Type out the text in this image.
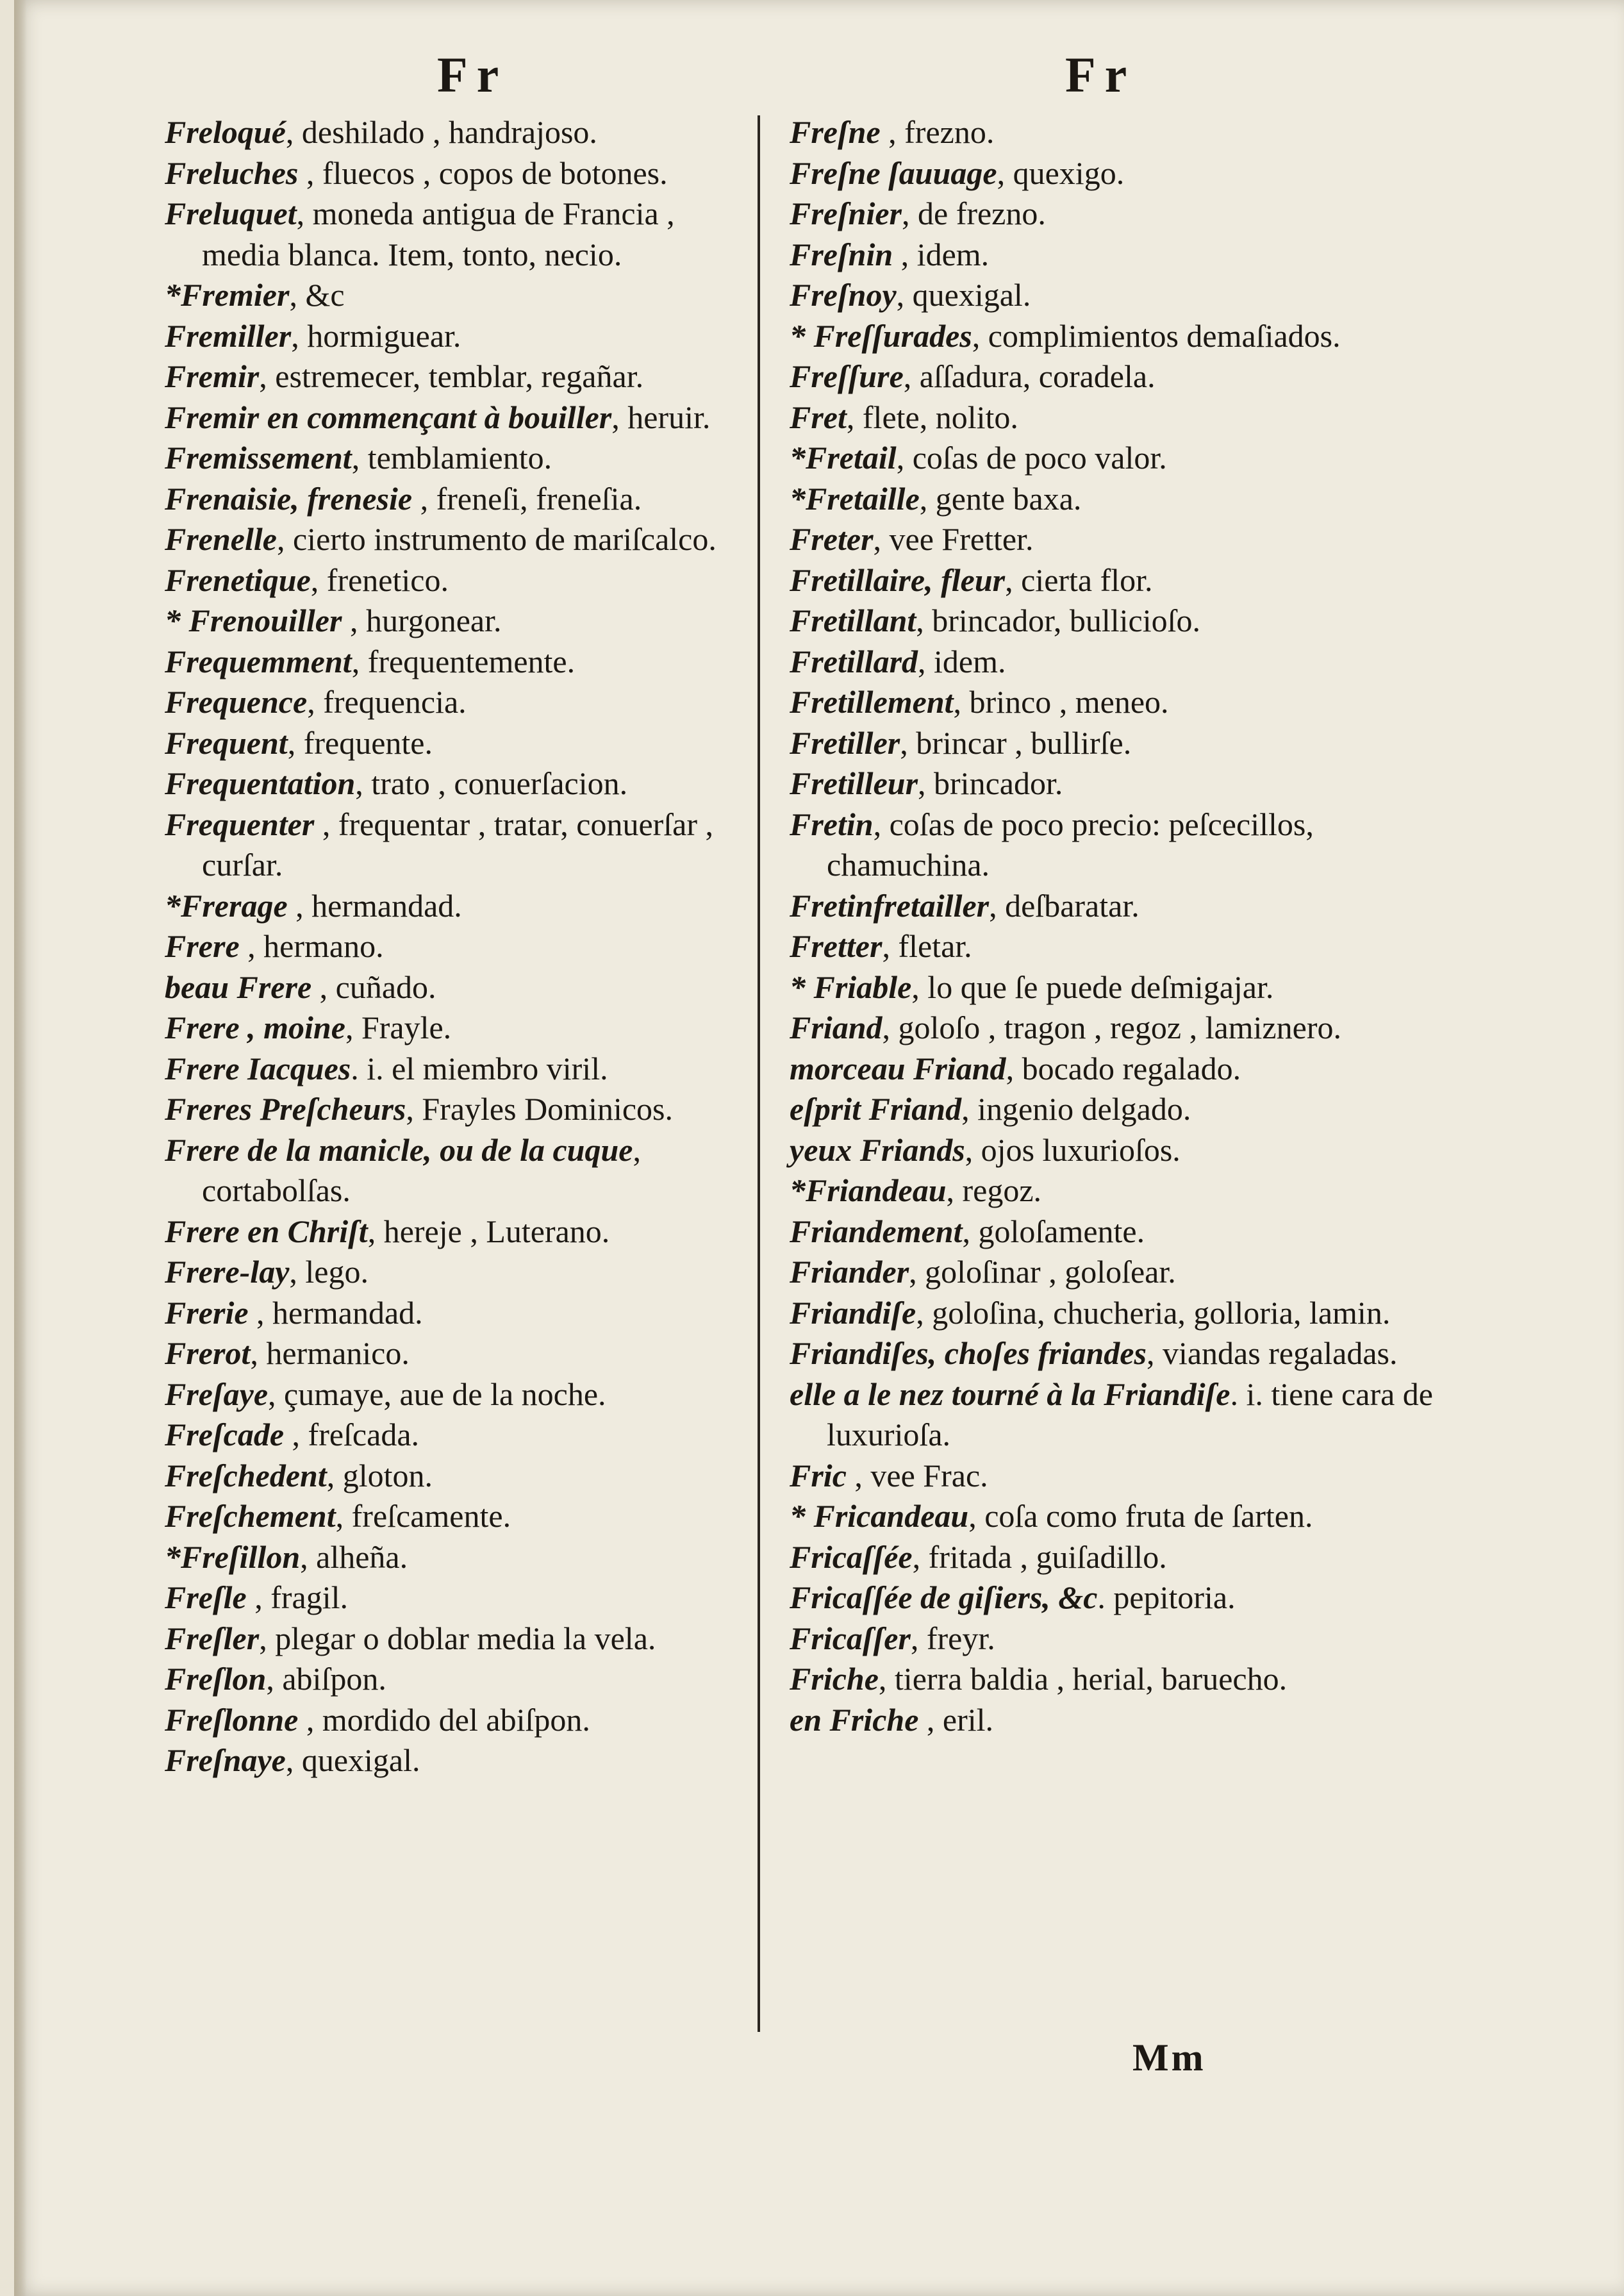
Fr	Fr
Freloqué, deshilado , handrajoso.
Freluches , fluecos , copos de botones.
Freluquet, moneda antigua de Francia , media blanca. Item, tonto, necio.
*Fremier, &c
Fremiller, hormiguear.
Fremir, estremecer, temblar, regañar.
Fremir en commençant à bouiller, heruir.
Fremissement, temblamiento.
Frenaisie, frenesie , freneſi, freneſia.
Frenelle, cierto instrumento de mariſcalco.
Frenetique, frenetico.
* Frenouiller , hurgonear.
Frequemment, frequentemente.
Frequence, frequencia.
Frequent, frequente.
Frequentation, trato , conuerſacion.
Frequenter , frequentar , tratar, conuerſar , curſar.
*Frerage , hermandad.
Frere , hermano.
beau Frere , cuñado.
Frere , moine, Frayle.
Frere Iacques. i. el miembro viril.
Freres Preſcheurs, Frayles Dominicos.
Frere de la manicle, ou de la cuque, cortabolſas.
Frere en Chriſt, hereje , Luterano.
Frere-lay, lego.
Frerie , hermandad.
Frerot, hermanico.
Freſaye, çumaye, aue de la noche.
Freſcade , freſcada.
Freſchedent, gloton.
Freſchement, freſcamente.
*Freſillon, alheña.
Freſle , fragil.
Freſler, plegar o doblar media la vela.
Freſlon, abiſpon.
Freſlonne , mordido del abiſpon.
Freſnaye, quexigal.
Freſne , frezno.
Freſne ſauuage, quexigo.
Freſnier, de frezno.
Freſnin , idem.
Freſnoy, quexigal.
* Freſſurades, complimientos demaſiados.
Freſſure, aſſadura, coradela.
Fret, flete, nolito.
*Fretail, coſas de poco valor.
*Fretaille, gente baxa.
Freter, vee Fretter.
Fretillaire, fleur, cierta flor.
Fretillant, brincador, bullicioſo.
Fretillard, idem.
Fretillement, brinco , meneo.
Fretiller, brincar , bullirſe.
Fretilleur, brincador.
Fretin, coſas de poco precio: peſcecillos, chamuchina.
Fretinfretailler, deſbaratar.
Fretter, fletar.
* Friable, lo que ſe puede deſmigajar.
Friand, goloſo , tragon , regoz , lamiznero.
morceau Friand, bocado regalado.
eſprit Friand, ingenio delgado.
yeux Friands, ojos luxurioſos.
*Friandeau, regoz.
Friandement, goloſamente.
Friander, goloſinar , goloſear.
Friandiſe, goloſina, chucheria, golloria, lamin.
Friandiſes, choſes friandes, viandas regaladas.
elle a le nez tourné à la Friandiſe. i. tiene cara de luxurioſa.
Fric , vee Frac.
* Fricandeau, coſa como fruta de ſarten.
Fricaſſée, fritada , guiſadillo.
Fricaſſée de giſiers, &c. pepitoria.
Fricaſſer, freyr.
Friche, tierra baldia , herial, baruecho.
en Friche , eril.
Mm
